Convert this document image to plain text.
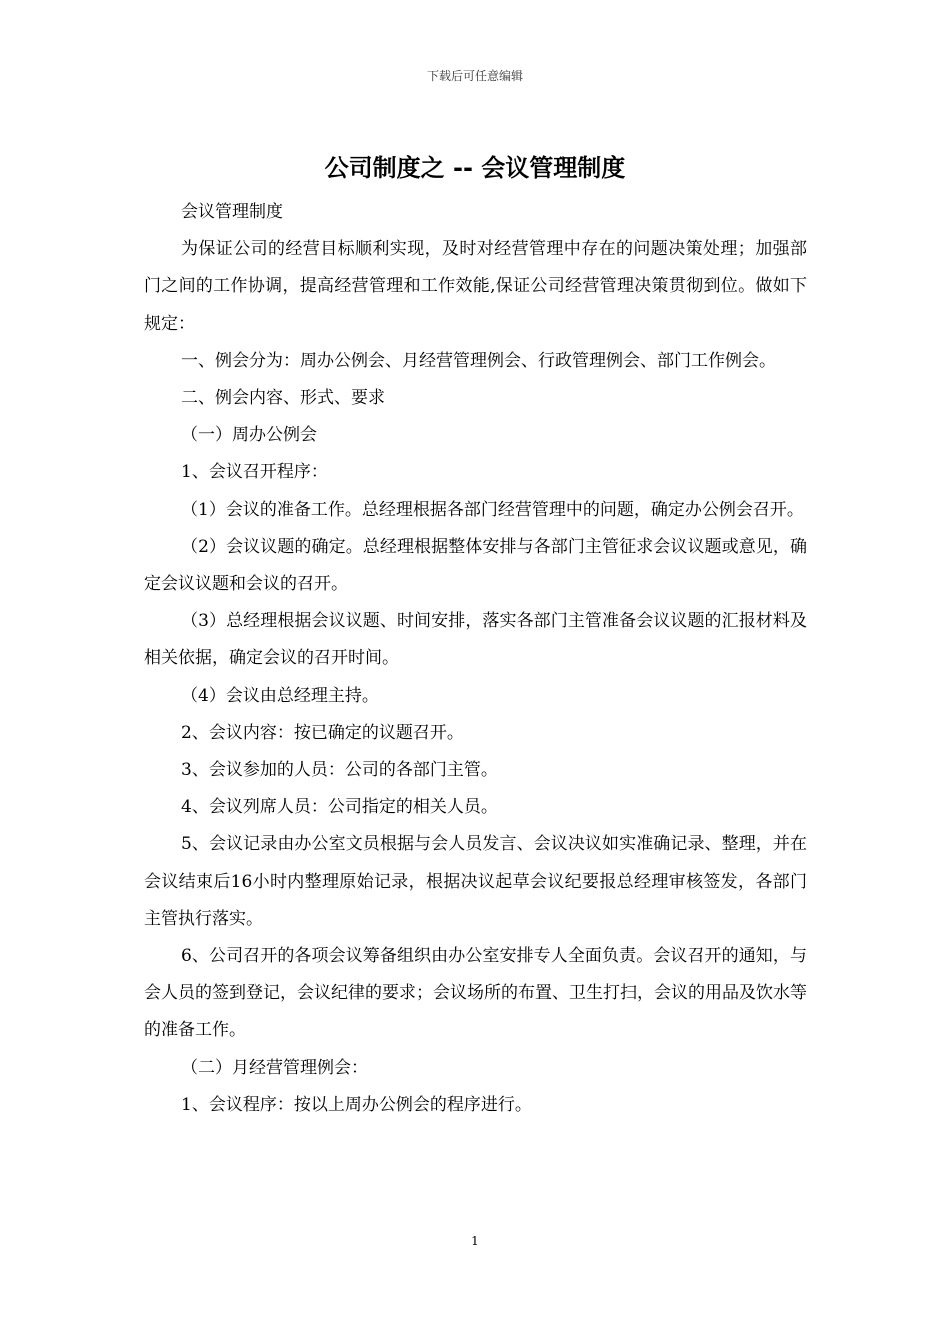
下载后可任意编辑
公司制度之 -- 会议管理制度

会议管理制度

为保证公司的经营目标顺利实现，及时对经营管理中存在的问题决策处理；加强部门之间的工作协调，提高经营管理和工作效能,保证公司经营管理决策贯彻到位。做如下规定：

一、例会分为：周办公例会、月经营管理例会、行政管理例会、部门工作例会。

二、例会内容、形式、要求

（一）周办公例会

1、会议召开程序：

（1）会议的准备工作。总经理根据各部门经营管理中的问题，确定办公例会召开。

（2）会议议题的确定。总经理根据整体安排与各部门主管征求会议议题或意见，确定会议议题和会议的召开。

（3）总经理根据会议议题、时间安排，落实各部门主管准备会议议题的汇报材料及相关依据，确定会议的召开时间。

（4）会议由总经理主持。

2、会议内容：按已确定的议题召开。

3、会议参加的人员：公司的各部门主管。

4、会议列席人员：公司指定的相关人员。

5、会议记录由办公室文员根据与会人员发言、会议决议如实准确记录、整理，并在会议结束后16小时内整理原始记录，根据决议起草会议纪要报总经理审核签发，各部门主管执行落实。

6、公司召开的各项会议筹备组织由办公室安排专人全面负责。会议召开的通知，与会人员的签到登记，会议纪律的要求；会议场所的布置、卫生打扫，会议的用品及饮水等的准备工作。

（二）月经营管理例会：

1、会议程序：按以上周办公例会的程序进行。

1
